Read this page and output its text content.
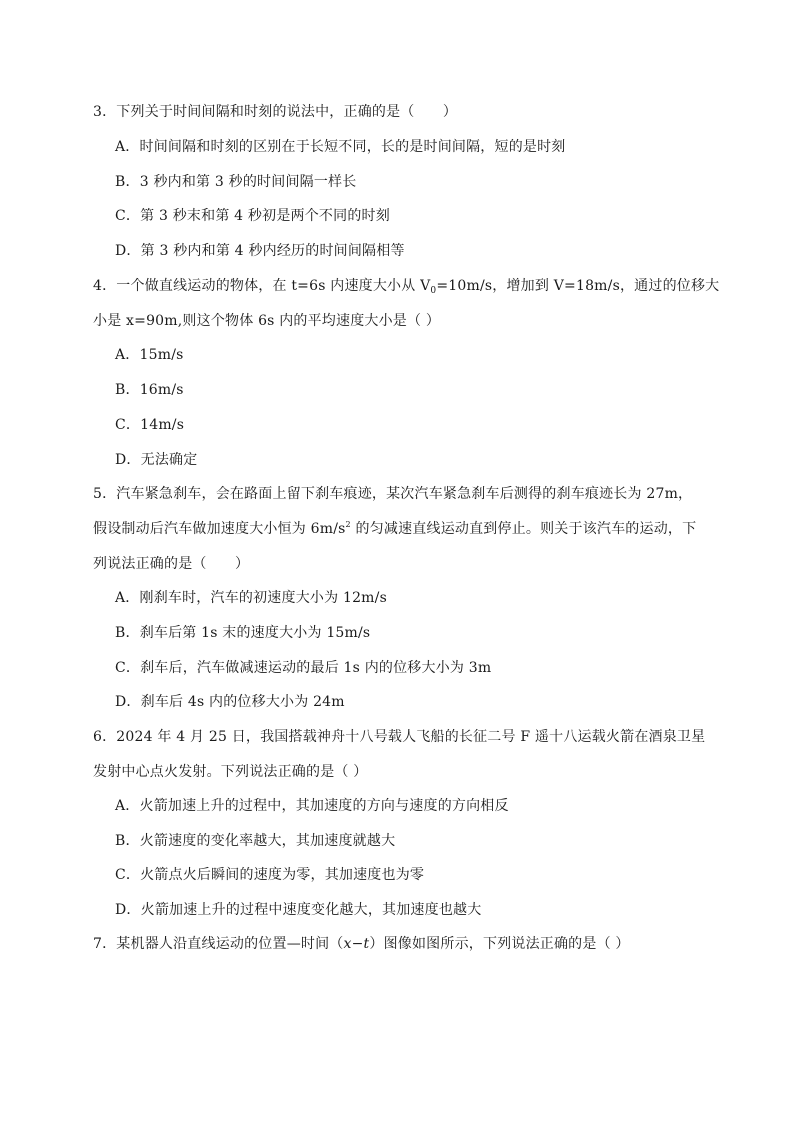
3．下列关于时间间隔和时刻的说法中，正确的是（　　）
A．时间间隔和时刻的区别在于长短不同，长的是时间间隔，短的是时刻
B．3 秒内和第 3 秒的时间间隔一样长
C．第 3 秒末和第 4 秒初是两个不同的时刻
D．第 3 秒内和第 4 秒内经历的时间间隔相等
4．一个做直线运动的物体，在 t=6s 内速度大小从 $V_0=10m/s$，增加到 V=18m/s，通过的位移大
小是 x=90m,则这个物体 6s 内的平均速度大小是（ ）
A．15m/s
B．16m/s
C．14m/s
D．无法确定
5．汽车紧急刹车，会在路面上留下刹车痕迹，某次汽车紧急刹车后测得的刹车痕迹长为 27m，
假设制动后汽车做加速度大小恒为 $6m/s^2$ 的匀减速直线运动直到停止。则关于该汽车的运动，下
列说法正确的是（　　）
A．刚刹车时，汽车的初速度大小为 12m/s
B．刹车后第 1s 末的速度大小为 15m/s
C．刹车后，汽车做减速运动的最后 1s 内的位移大小为 3m
D．刹车后 4s 内的位移大小为 24m
6．2024 年 4 月 25 日，我国搭载神舟十八号载人飞船的长征二号 F 遥十八运载火箭在酒泉卫星
发射中心点火发射。下列说法正确的是（ ）
A．火箭加速上升的过程中，其加速度的方向与速度的方向相反
B．火箭速度的变化率越大，其加速度就越大
C．火箭点火后瞬间的速度为零，其加速度也为零
D．火箭加速上升的过程中速度变化越大，其加速度也越大
7．某机器人沿直线运动的位置—时间（x−t）图像如图所示，下列说法正确的是（ ）
